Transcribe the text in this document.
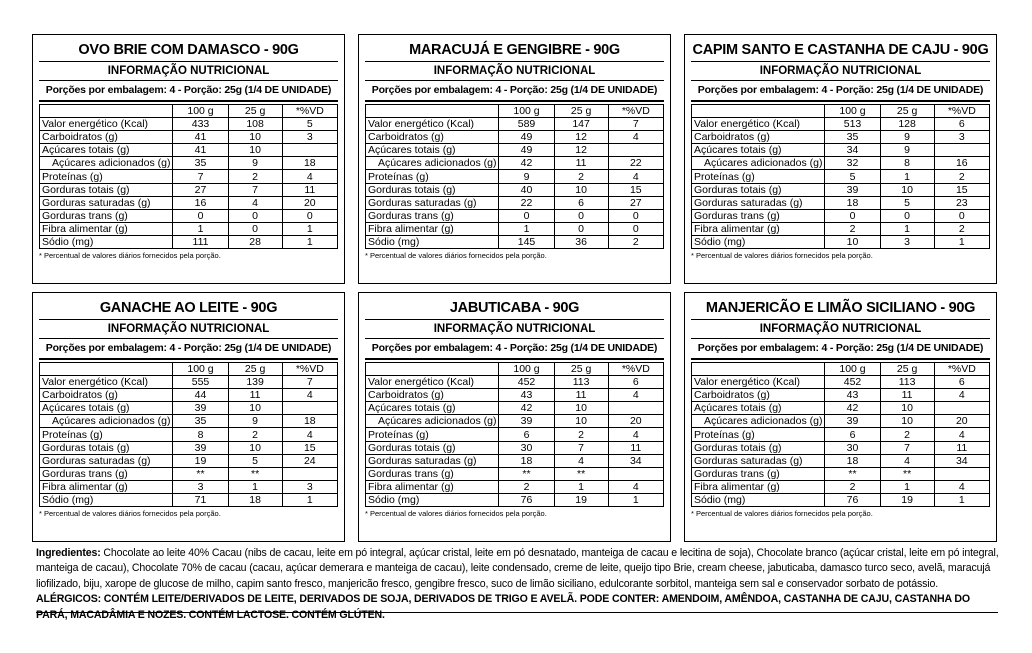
OVO BRIE COM DAMASCO - 90G
INFORMAÇÃO NUTRICIONAL
Porções por embalagem: 4 - Porção: 25g (1/4 DE UNIDADE)
	100 g	25 g	*%VD
Valor energético (Kcal)	433	108	5
Carboidratos (g)	41	10	3
Açúcares totais (g)	41	10	
Açúcares adicionados (g)	35	9	18
Proteínas (g)	7	2	4
Gorduras totais (g)	27	7	11
Gorduras saturadas (g)	16	4	20
Gorduras trans (g)	0	0	0
Fibra alimentar (g)	1	0	1
Sódio (mg)	111	28	1
* Percentual de valores diários fornecidos pela porção.
MARACUJÁ E GENGIBRE - 90G
INFORMAÇÃO NUTRICIONAL
Porções por embalagem: 4 - Porção: 25g (1/4 DE UNIDADE)
	100 g	25 g	*%VD
Valor energético (Kcal)	589	147	7
Carboidratos (g)	49	12	4
Açúcares totais (g)	49	12	
Açúcares adicionados (g)	42	11	22
Proteínas (g)	9	2	4
Gorduras totais (g)	40	10	15
Gorduras saturadas (g)	22	6	27
Gorduras trans (g)	0	0	0
Fibra alimentar (g)	1	0	0
Sódio (mg)	145	36	2
* Percentual de valores diários fornecidos pela porção.
CAPIM SANTO E CASTANHA DE CAJU - 90G
INFORMAÇÃO NUTRICIONAL
Porções por embalagem: 4 - Porção: 25g (1/4 DE UNIDADE)
	100 g	25 g	*%VD
Valor energético (Kcal)	513	128	6
Carboidratos (g)	35	9	3
Açúcares totais (g)	34	9	
Açúcares adicionados (g)	32	8	16
Proteínas (g)	5	1	2
Gorduras totais (g)	39	10	15
Gorduras saturadas (g)	18	5	23
Gorduras trans (g)	0	0	0
Fibra alimentar (g)	2	1	2
Sódio (mg)	10	3	1
* Percentual de valores diários fornecidos pela porção.
GANACHE AO LEITE - 90G
INFORMAÇÃO NUTRICIONAL
Porções por embalagem: 4 - Porção: 25g (1/4 DE UNIDADE)
	100 g	25 g	*%VD
Valor energético (Kcal)	555	139	7
Carboidratos (g)	44	11	4
Açúcares totais (g)	39	10	
Açúcares adicionados (g)	35	9	18
Proteínas (g)	8	2	4
Gorduras totais (g)	39	10	15
Gorduras saturadas (g)	19	5	24
Gorduras trans (g)	**	**	
Fibra alimentar (g)	3	1	3
Sódio (mg)	71	18	1
* Percentual de valores diários fornecidos pela porção.
JABUTICABA - 90G
INFORMAÇÃO NUTRICIONAL
Porções por embalagem: 4 - Porção: 25g (1/4 DE UNIDADE)
	100 g	25 g	*%VD
Valor energético (Kcal)	452	113	6
Carboidratos (g)	43	11	4
Açúcares totais (g)	42	10	
Açúcares adicionados (g)	39	10	20
Proteínas (g)	6	2	4
Gorduras totais (g)	30	7	11
Gorduras saturadas (g)	18	4	34
Gorduras trans (g)	**	**	
Fibra alimentar (g)	2	1	4
Sódio (mg)	76	19	1
* Percentual de valores diários fornecidos pela porção.
MANJERICÃO E LIMÃO SICILIANO - 90G
INFORMAÇÃO NUTRICIONAL
Porções por embalagem: 4 - Porção: 25g (1/4 DE UNIDADE)
	100 g	25 g	*%VD
Valor energético (Kcal)	452	113	6
Carboidratos (g)	43	11	4
Açúcares totais (g)	42	10	
Açúcares adicionados (g)	39	10	20
Proteínas (g)	6	2	4
Gorduras totais (g)	30	7	11
Gorduras saturadas (g)	18	4	34
Gorduras trans (g)	**	**	
Fibra alimentar (g)	2	1	4
Sódio (mg)	76	19	1
* Percentual de valores diários fornecidos pela porção.
Ingredientes: Chocolate ao leite 40% Cacau (nibs de cacau, leite em pó integral, açúcar cristal, leite em pó desnatado, manteiga de cacau e lecitina de soja), Chocolate branco (açúcar cristal, leite em pó integral, manteiga de cacau), Chocolate 70% de cacau (cacau, açúcar demerara e manteiga de cacau), leite condensado, creme de leite, queijo tipo Brie, cream cheese, jabuticaba, damasco turco seco, avelã, maracujá liofilizado, biju, xarope de glucose de milho, capim santo fresco, manjericão fresco, gengibre fresco, suco de limão siciliano, edulcorante sorbitol, manteiga sem sal e conservador sorbato de potássio. ALÉRGICOS: CONTÉM LEITE/DERIVADOS DE LEITE, DERIVADOS DE SOJA, DERIVADOS DE TRIGO E AVELÃ. PODE CONTER: AMENDOIM, AMÊNDOA, CASTANHA DE CAJU, CASTANHA DO PARÁ, MACADÂMIA E NOZES. CONTÉM LACTOSE. CONTÉM GLÚTEN.
